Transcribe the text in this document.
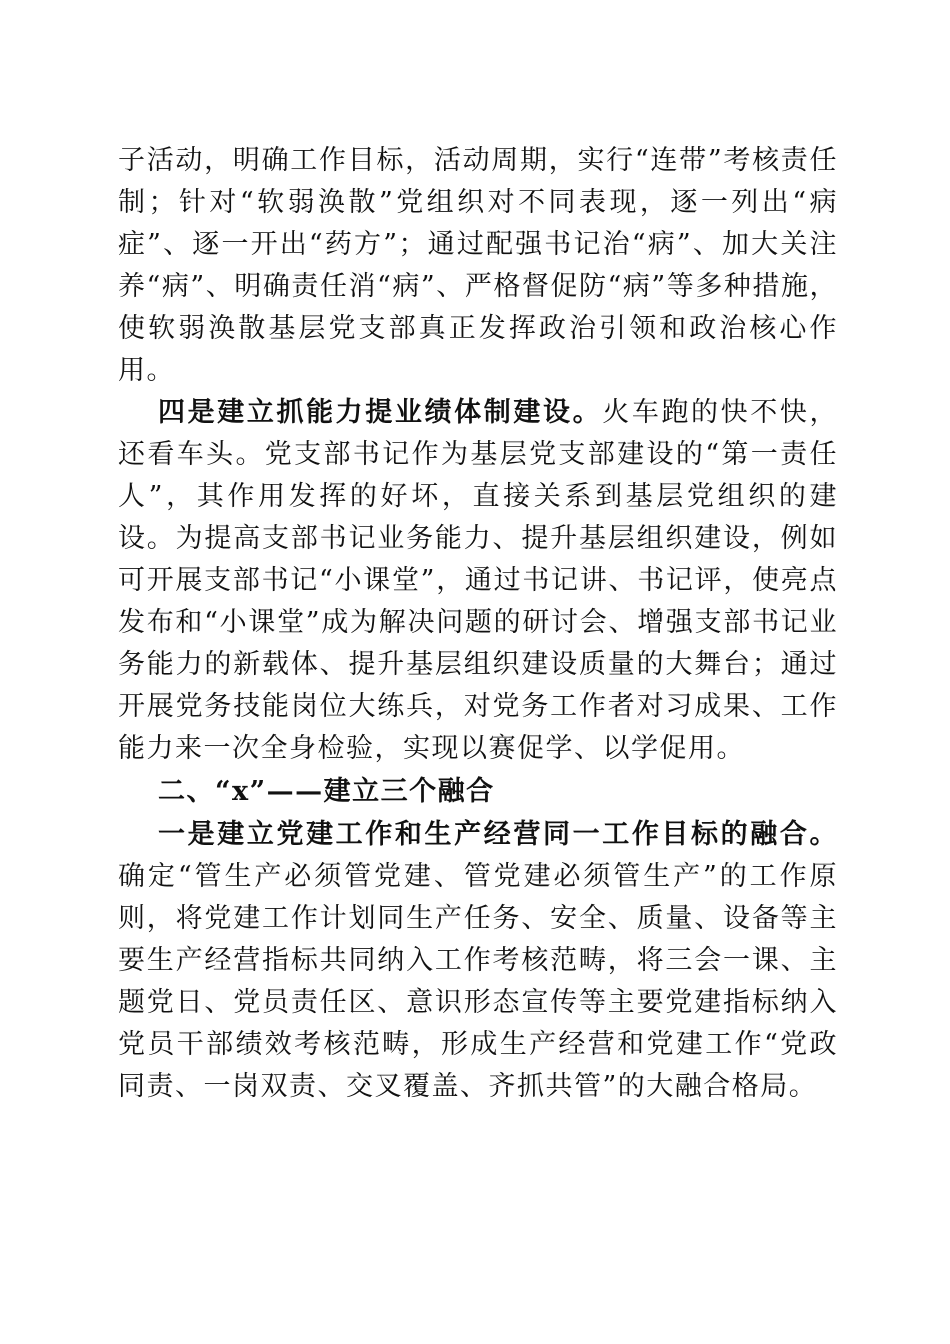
子活动，明确工作目标，活动周期，实行“连带”考核责任制；针对“软弱涣散”党组织对不同表现，逐一列出“病症”、逐一开出“药方”；通过配强书记治“病”、加大关注养“病”、明确责任消“病”、严格督促防“病”等多种措施，使软弱涣散基层党支部真正发挥政治引领和政治核心作用。

四是建立抓能力提业绩体制建设。火车跑的快不快，还看车头。党支部书记作为基层党支部建设的“第一责任人”，其作用发挥的好坏，直接关系到基层党组织的建设。为提高支部书记业务能力、提升基层组织建设，例如可开展支部书记“小课堂”，通过书记讲、书记评，使亮点发布和“小课堂”成为解决问题的研讨会、增强支部书记业务能力的新载体、提升基层组织建设质量的大舞台；通过开展党务技能岗位大练兵，对党务工作者对习成果、工作能力来一次全身检验，实现以赛促学、以学促用。

二、“x”——建立三个融合

一是建立党建工作和生产经营同一工作目标的融合。确定“管生产必须管党建、管党建必须管生产”的工作原则，将党建工作计划同生产任务、安全、质量、设备等主要生产经营指标共同纳入工作考核范畴，将三会一课、主题党日、党员责任区、意识形态宣传等主要党建指标纳入党员干部绩效考核范畴，形成生产经营和党建工作“党政同责、一岗双责、交叉覆盖、齐抓共管”的大融合格局。
